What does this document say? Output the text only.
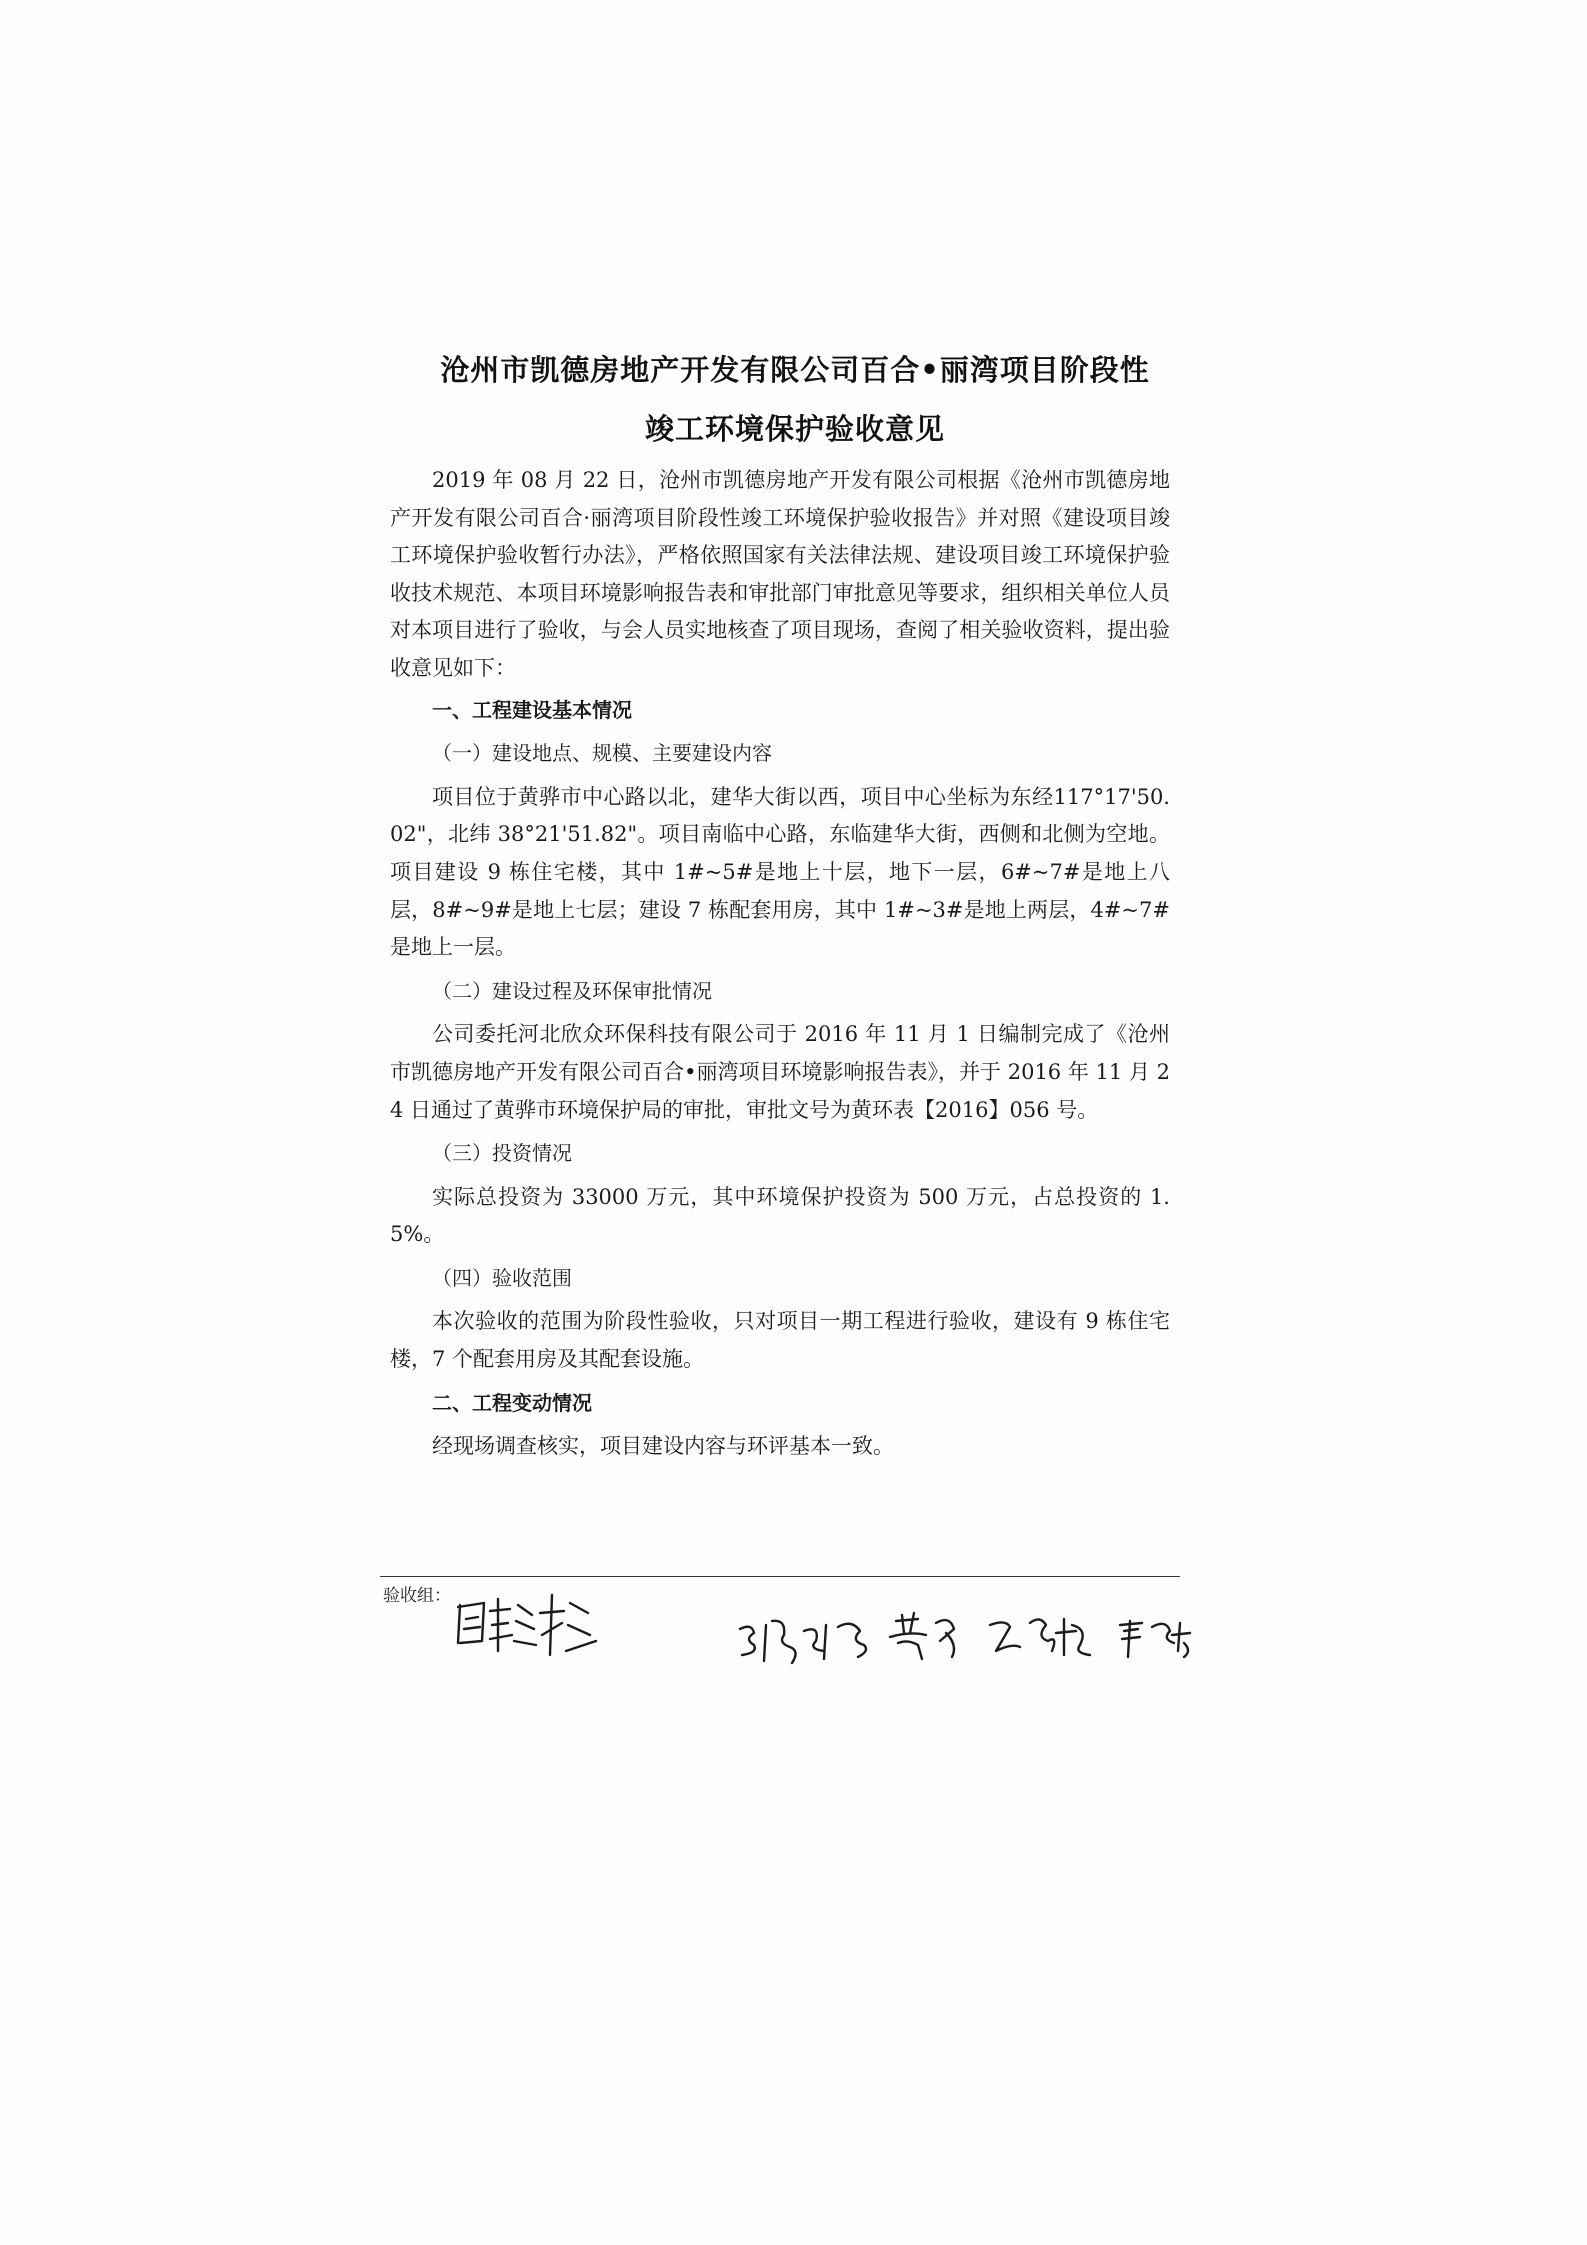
沧州市凯德房地产开发有限公司百合•丽湾项目阶段性
竣工环境保护验收意见

2019 年 08 月 22 日，沧州市凯德房地产开发有限公司根据《沧州市凯德房地产开发有限公司百合·丽湾项目阶段性竣工环境保护验收报告》并对照《建设项目竣工环境保护验收暂行办法》，严格依照国家有关法律法规、建设项目竣工环境保护验收技术规范、本项目环境影响报告表和审批部门审批意见等要求，组织相关单位人员对本项目进行了验收，与会人员实地核查了项目现场，查阅了相关验收资料，提出验收意见如下：

一、工程建设基本情况

（一）建设地点、规模、主要建设内容

项目位于黄骅市中心路以北，建华大街以西，项目中心坐标为东经117°17'50.02"，北纬 38°21'51.82"。项目南临中心路，东临建华大街，西侧和北侧为空地。项目建设 9 栋住宅楼，其中 1#~5#是地上十层，地下一层，6#~7#是地上八层，8#~9#是地上七层；建设 7 栋配套用房，其中 1#~3#是地上两层，4#~7#是地上一层。

（二）建设过程及环保审批情况

公司委托河北欣众环保科技有限公司于 2016 年 11 月 1 日编制完成了《沧州市凯德房地产开发有限公司百合•丽湾项目环境影响报告表》，并于 2016 年 11 月 24 日通过了黄骅市环境保护局的审批，审批文号为黄环表【2016】056 号。

（三）投资情况

实际总投资为 33000 万元，其中环境保护投资为 500 万元，占总投资的 1.5%。

（四）验收范围

本次验收的范围为阶段性验收，只对项目一期工程进行验收，建设有 9 栋住宅楼，7 个配套用房及其配套设施。

二、工程变动情况

经现场调查核实，项目建设内容与环评基本一致。

验收组：
